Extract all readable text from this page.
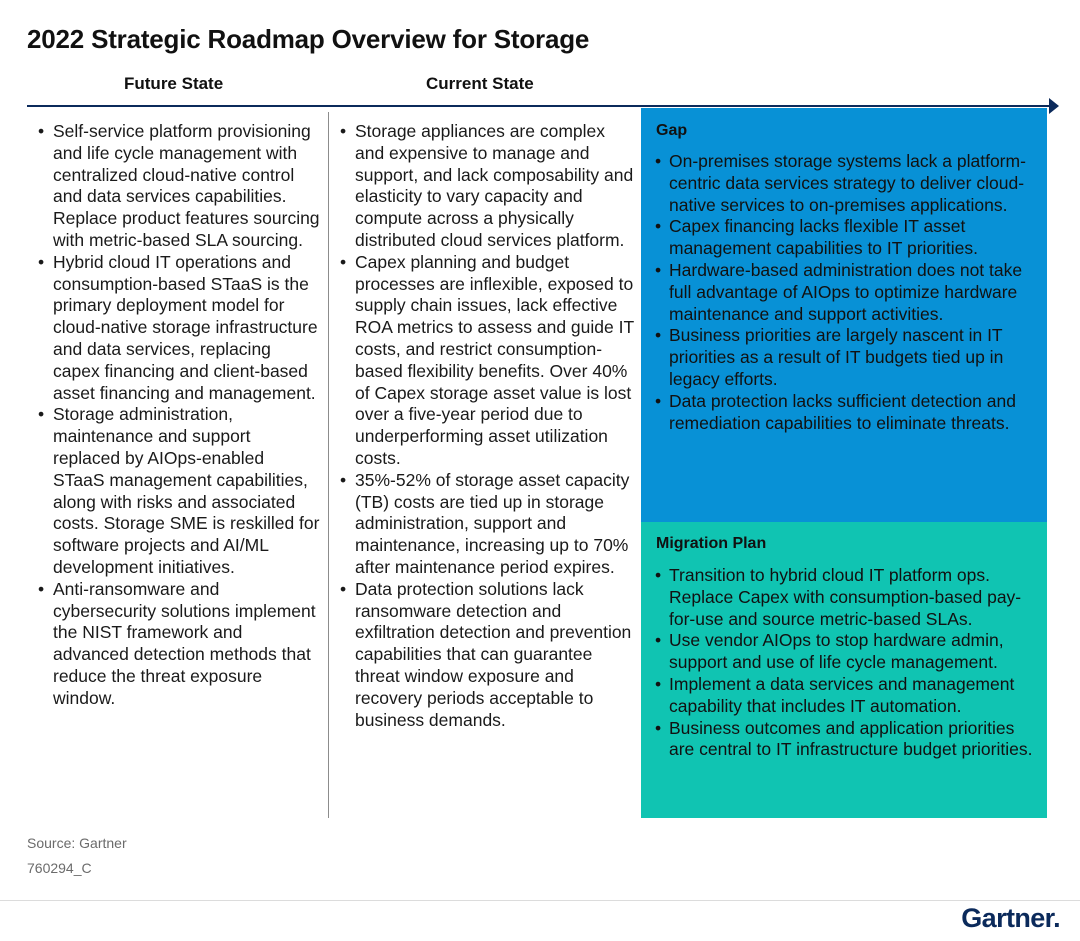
2022 Strategic Roadmap Overview for Storage
Future State	Current State
• Self-service platform provisioning and life cycle management with centralized cloud-native control and data services capabilities. Replace product features sourcing with metric-based SLA sourcing.
• Hybrid cloud IT operations and consumption-based STaaS is the primary deployment model for cloud-native storage infrastructure and data services, replacing capex financing and client-based asset financing and management.
• Storage administration, maintenance and support replaced by AIOps-enabled STaaS management capabilities, along with risks and associated costs. Storage SME is reskilled for software projects and AI/ML development initiatives.
• Anti-ransomware and cybersecurity solutions implement the NIST framework and advanced detection methods that reduce the threat exposure window.
• Storage appliances are complex and expensive to manage and support, and lack composability and elasticity to vary capacity and compute across a physically distributed cloud services platform.
• Capex planning and budget processes are inflexible, exposed to supply chain issues, lack effective ROA metrics to assess and guide IT costs, and restrict consumption-based flexibility benefits. Over 40% of Capex storage asset value is lost over a five-year period due to underperforming asset utilization costs.
• 35%-52% of storage asset capacity (TB) costs are tied up in storage administration, support and maintenance, increasing up to 70% after maintenance period expires.
• Data protection solutions lack ransomware detection and exfiltration detection and prevention capabilities that can guarantee threat window exposure and recovery periods acceptable to business demands.
Gap
• On-premises storage systems lack a platform-centric data services strategy to deliver cloud-native services to on-premises applications.
• Capex financing lacks flexible IT asset management capabilities to IT priorities.
• Hardware-based administration does not take full advantage of AIOps to optimize hardware maintenance and support activities.
• Business priorities are largely nascent in IT priorities as a result of IT budgets tied up in legacy efforts.
• Data protection lacks sufficient detection and remediation capabilities to eliminate threats.
Migration Plan
• Transition to hybrid cloud IT platform ops. Replace Capex with consumption-based pay-for-use and source metric-based SLAs.
• Use vendor AIOps to stop hardware admin, support and use of life cycle management.
• Implement a data services and management capability that includes IT automation.
• Business outcomes and application priorities are central to IT infrastructure budget priorities.
Source: Gartner
760294_C
Gartner.
